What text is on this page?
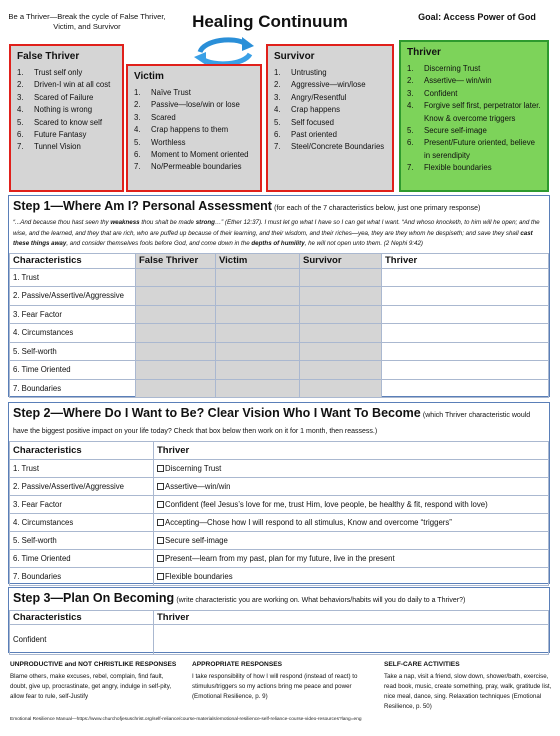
Be a Thriver—Break the cycle of False Thriver, Victim, and Survivor	Healing Continuum	Goal: Access Power of God
False Thriver
1.	Trust self only
2.	Driven-I win at all cost
3.	Scared of Failure
4.	Nothing is wrong
5.	Scared to know self
6.	Future Fantasy
7.	Tunnel Vision
Victim
1.	Naïve Trust
2.	Passive—lose/win or lose
3.	Scared
4.	Crap happens to them
5.	Worthless
6.	Moment to Moment oriented
7.	No/Permeable boundaries
Survivor
1.	Untrusting
2.	Aggressive—win/lose
3.	Angry/Resentful
4.	Crap happens
5.	Self focused
6.	Past oriented
7.	Steel/Concrete Boundaries
Thriver
1.	Discerning Trust
2.	Assertive— win/win
3.	Confident
4.	Forgive self first, perpetrator later. Know & overcome triggers
5.	Secure self-image
6.	Present/Future oriented, believe in serendipity
7.	Flexible boundaries
Step 1—Where Am I? Personal Assessment (for each of the 7 characteristics below, just one primary response)
“...And because thou hast seen thy weakness thou shalt be made strong…” (Ether 12:37). I must let go what I have so I can get what I want. “And whoso knocketh, to him will he open; and the wise, and the learned, and they that are rich, who are puffed up because of their learning, and their wisdom, and their riches—yea, they are they whom he despiseth; and save they shall cast these things away, and consider themselves fools before God, and come down in the depths of humility, he will not open unto them. (2 Nephi 9:42)
Characteristics	False Thriver	Victim	Survivor	Thriver
1. Trust				
2. Passive/Assertive/Aggressive				
3. Fear Factor				
4. Circumstances				
5. Self-worth				
6. Time Oriented				
7. Boundaries				
Step 2—Where Do I Want to Be? Clear Vision Who I Want To Become (which Thriver characteristic would have the biggest positive impact on your life today? Check that box below then work on it for 1 month, then reassess.)
Characteristics	Thriver
1. Trust	Discerning Trust
2. Passive/Assertive/Aggressive	Assertive—win/win
3. Fear Factor	Confident (feel Jesus’s love for me, trust Him, love people, be healthy & fit, respond with love)
4. Circumstances	Accepting—Chose how I will respond to all stimulus, Know and overcome “triggers”
5. Self-worth	Secure self-image
6. Time Oriented	Present—learn from my past, plan for my future, live in the present
7. Boundaries	Flexible boundaries
Step 3—Plan On Becoming (write characteristic you are working on. What behaviors/habits will you do daily to a Thriver?)
Characteristics	Thriver
Confident	
UNPRODUCTIVE and NOT CHRISTLIKE RESPONSES
Blame others, make excuses, rebel, complain, find fault, doubt, give up, procrastinate, get angry, indulge in self-pity, allow fear to rule, self-Justify
APPROPRIATE RESPONSES
I take responsibility of how I will respond (instead of react) to stimulus/triggers so my actions bring me peace and power (Emotional Resilience, p. 9)
SELF-CARE ACTIVITIES
Take a nap, visit a friend, slow down, shower/bath, exercise, read book, music, create something, pray, walk, gratitude list, nice meal, dance, sing. Relaxation techniques (Emotional Resilience, p. 50)
Emotional Resilience Manual—https://www.churchofjesuschrist.org/self-reliance/course-materials/emotional-resilience-self-reliance-course-video-resources?lang=eng
